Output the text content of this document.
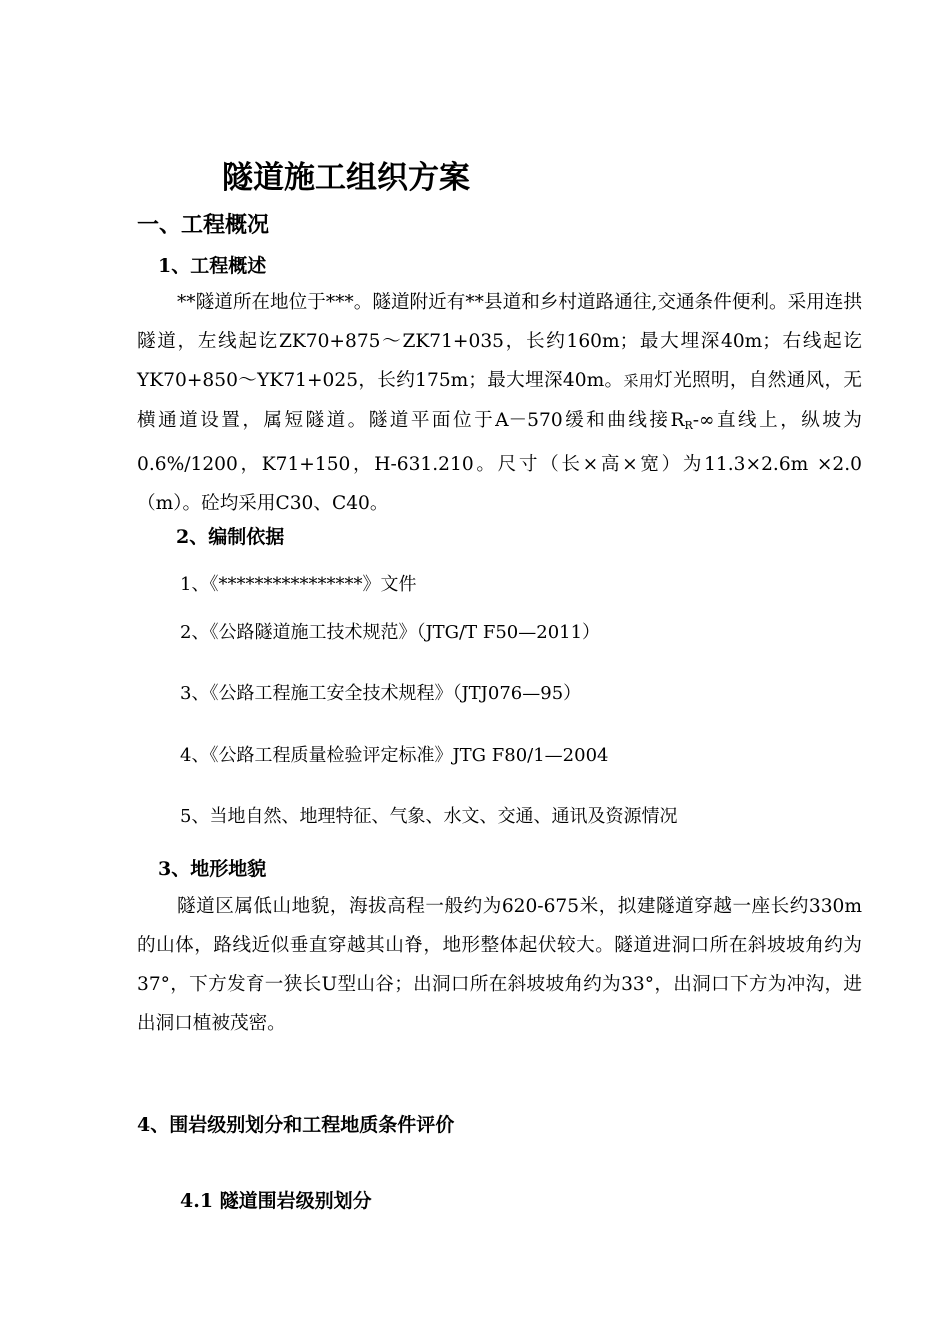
隧道施工组织方案
一、工程概况
1、工程概述
**隧道所在地位于***。隧道附近有**县道和乡村道路通往,交通条件便利。采用连拱隧道，左线起讫ZK70+875～ZK71+035，长约160m；最大埋深40m；右线起讫YK70+850～YK71+025，长约175m；最大埋深40m。采用灯光照明，自然通风，无横通道设置，属短隧道。隧道平面位于A－570缓和曲线接$R_R-\infty$直线上，纵坡为0.6%/1200，K71+150，H-631.210。尺寸（长×高×宽）为11.3×2.6m ×2.0（m）。砼均采用C30、C40。
2、编制依据
1、《****************》文件
2、《公路隧道施工技术规范》（JTG/T F50—2011）
3、《公路工程施工安全技术规程》（JTJ076—95）
4、《公路工程质量检验评定标准》JTG F80/1—2004
5、当地自然、地理特征、气象、水文、交通、通讯及资源情况
3、地形地貌
隧道区属低山地貌，海拔高程一般约为620-675米，拟建隧道穿越一座长约330m的山体，路线近似垂直穿越其山脊，地形整体起伏较大。隧道进洞口所在斜坡坡角约为37°，下方发育一狭长U型山谷；出洞口所在斜坡坡角约为33°，出洞口下方为冲沟，进出洞口植被茂密。
4、围岩级别划分和工程地质条件评价
4.1 隧道围岩级别划分
